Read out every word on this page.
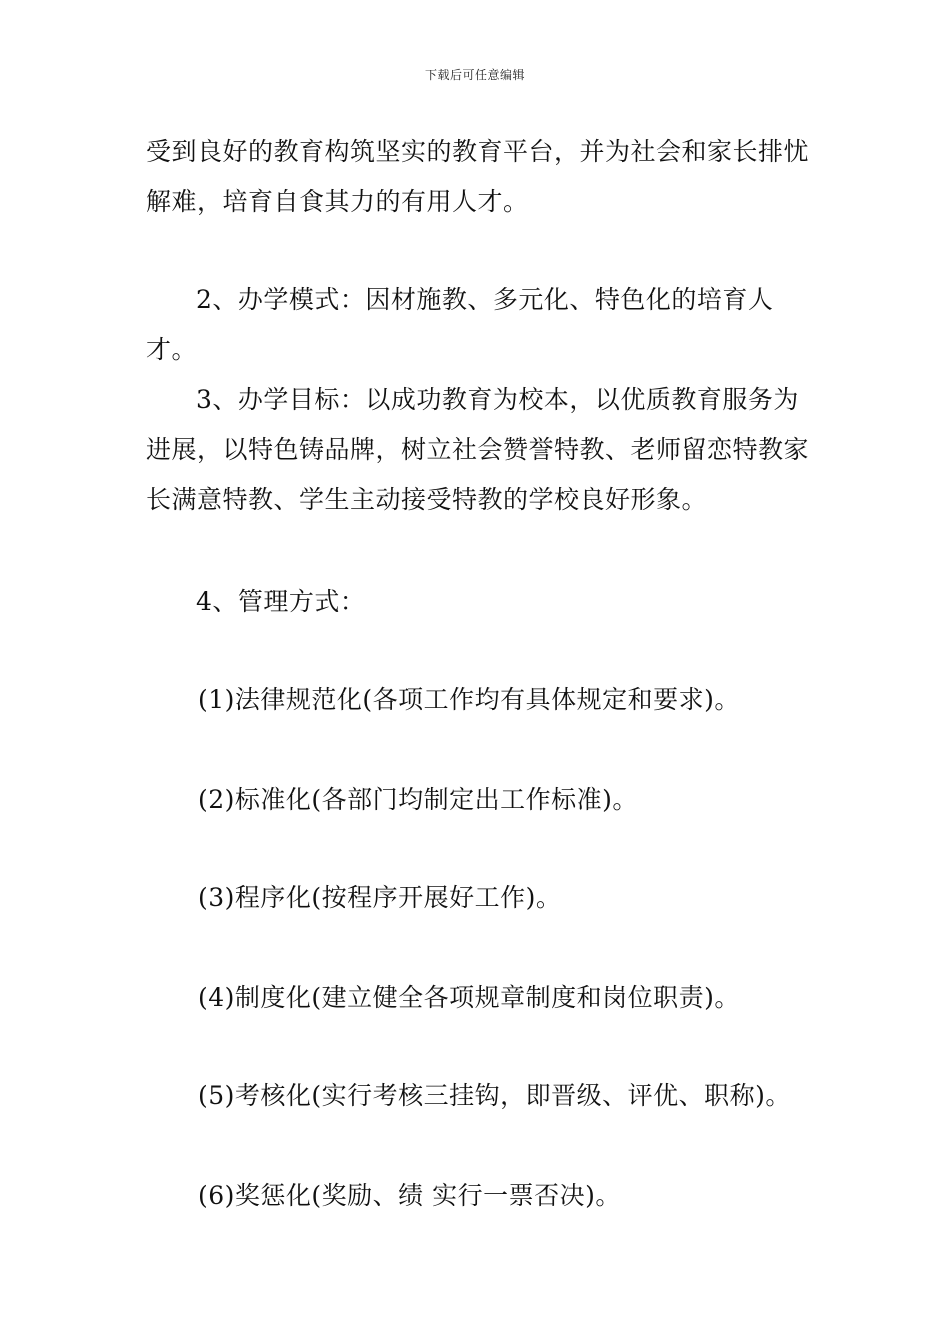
下载后可任意编辑
受到良好的教育构筑坚实的教育平台，并为社会和家长排忧解难，培育自食其力的有用人才。
2、办学模式：因材施教、多元化、特色化的培育人才。
3、办学目标：以成功教育为校本，以优质教育服务为进展，以特色铸品牌，树立社会赞誉特教、老师留恋特教家长满意特教、学生主动接受特教的学校良好形象。
4、管理方式：
(1)法律规范化(各项工作均有具体规定和要求)。
(2)标准化(各部门均制定出工作标准)。
(3)程序化(按程序开展好工作)。
(4)制度化(建立健全各项规章制度和岗位职责)。
(5)考核化(实行考核三挂钩，即晋级、评优、职称)。
(6)奖惩化(奖励、绩 实行一票否决)。
